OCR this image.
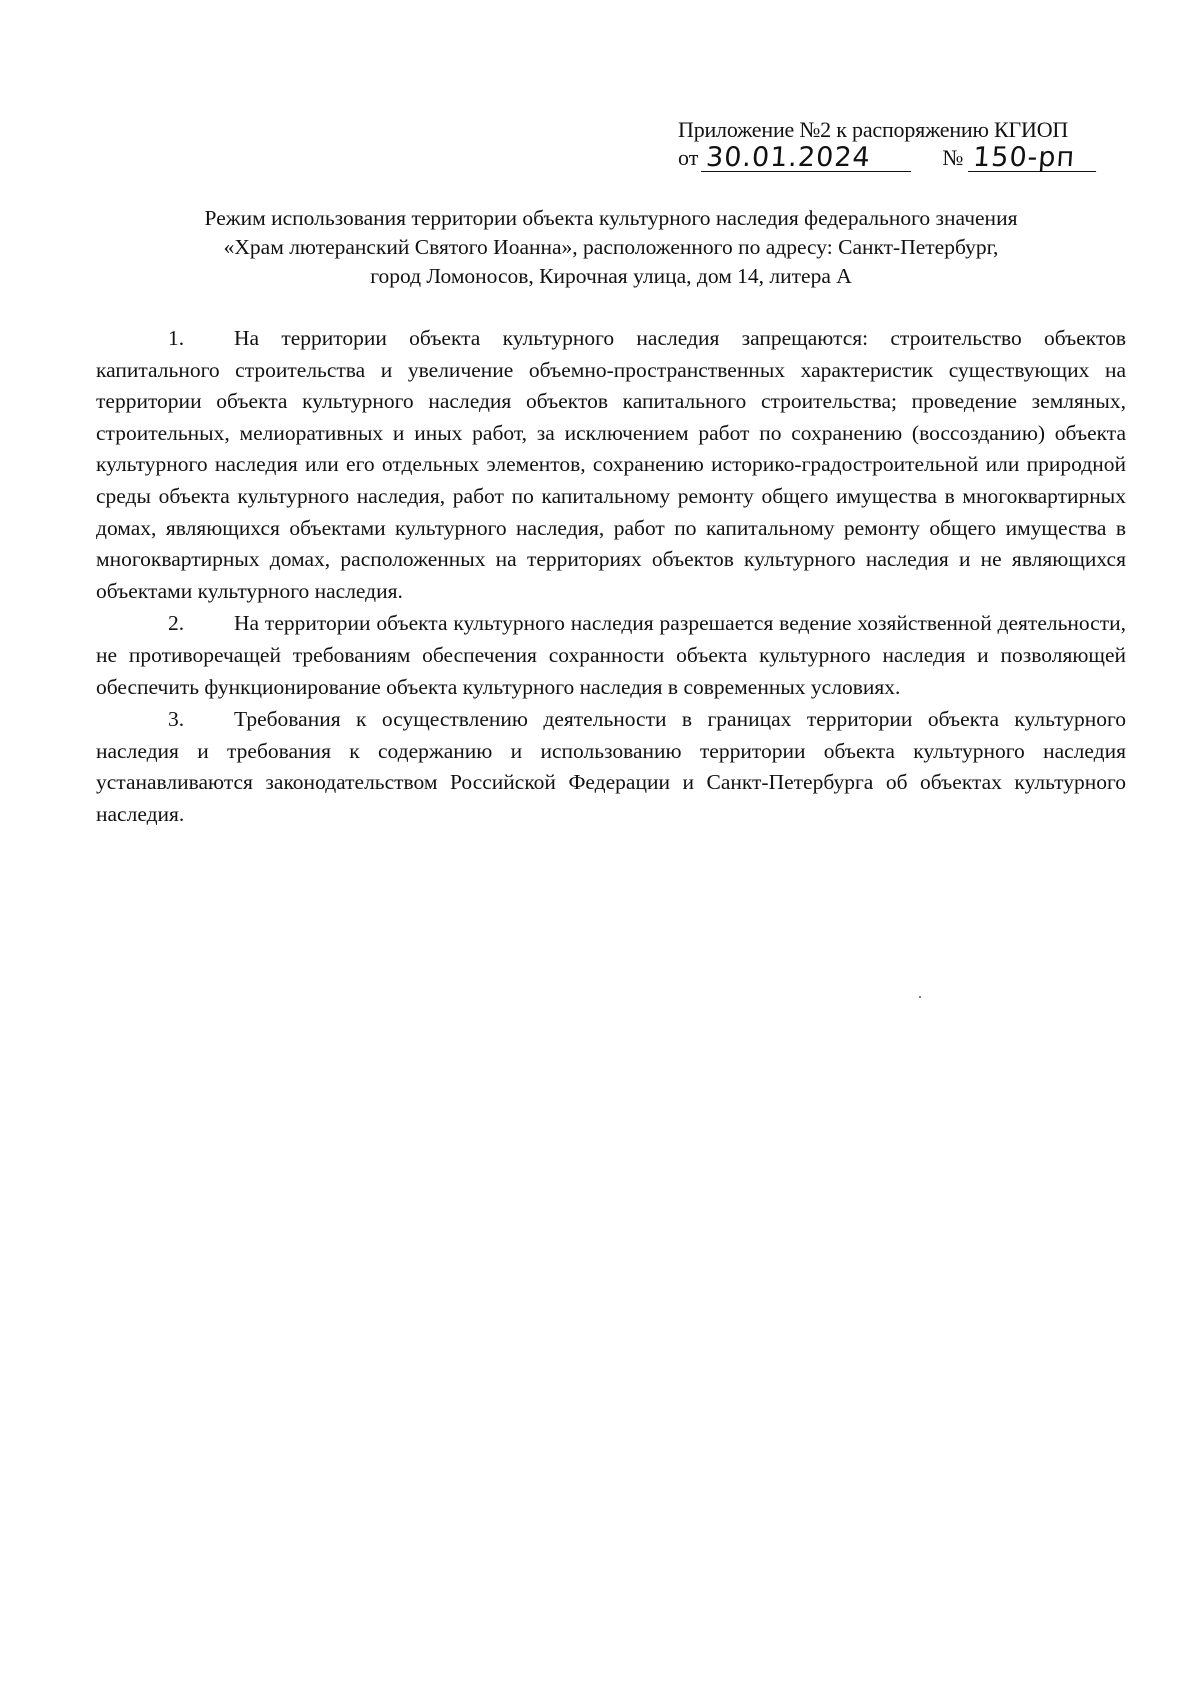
Приложение №2 к распоряжению КГИОП
от 30.01.2024	№ 150-рп
Режим использования территории объекта культурного наследия федерального значения
«Храм лютеранский Святого Иоанна», расположенного по адресу: Санкт-Петербург,
город Ломоносов, Кирочная улица, дом 14, литера А

1. На территории объекта культурного наследия запрещаются: строительство объектов капитального строительства и увеличение объемно-пространственных характеристик существующих на территории объекта культурного наследия объектов капитального строительства; проведение земляных, строительных, мелиоративных и иных работ, за исключением работ по сохранению (воссозданию) объекта культурного наследия или его отдельных элементов, сохранению историко-градостроительной или природной среды объекта культурного наследия, работ по капитальному ремонту общего имущества в многоквартирных домах, являющихся объектами культурного наследия, работ по капитальному ремонту общего имущества в многоквартирных домах, расположенных на территориях объектов культурного наследия и не являющихся объектами культурного наследия.

2. На территории объекта культурного наследия разрешается ведение хозяйственной деятельности, не противоречащей требованиям обеспечения сохранности объекта культурного наследия и позволяющей обеспечить функционирование объекта культурного наследия в современных условиях.

3. Требования к осуществлению деятельности в границах территории объекта культурного наследия и требования к содержанию и использованию территории объекта культурного наследия устанавливаются законодательством Российской Федерации и Санкт-Петербурга об объектах культурного наследия.
